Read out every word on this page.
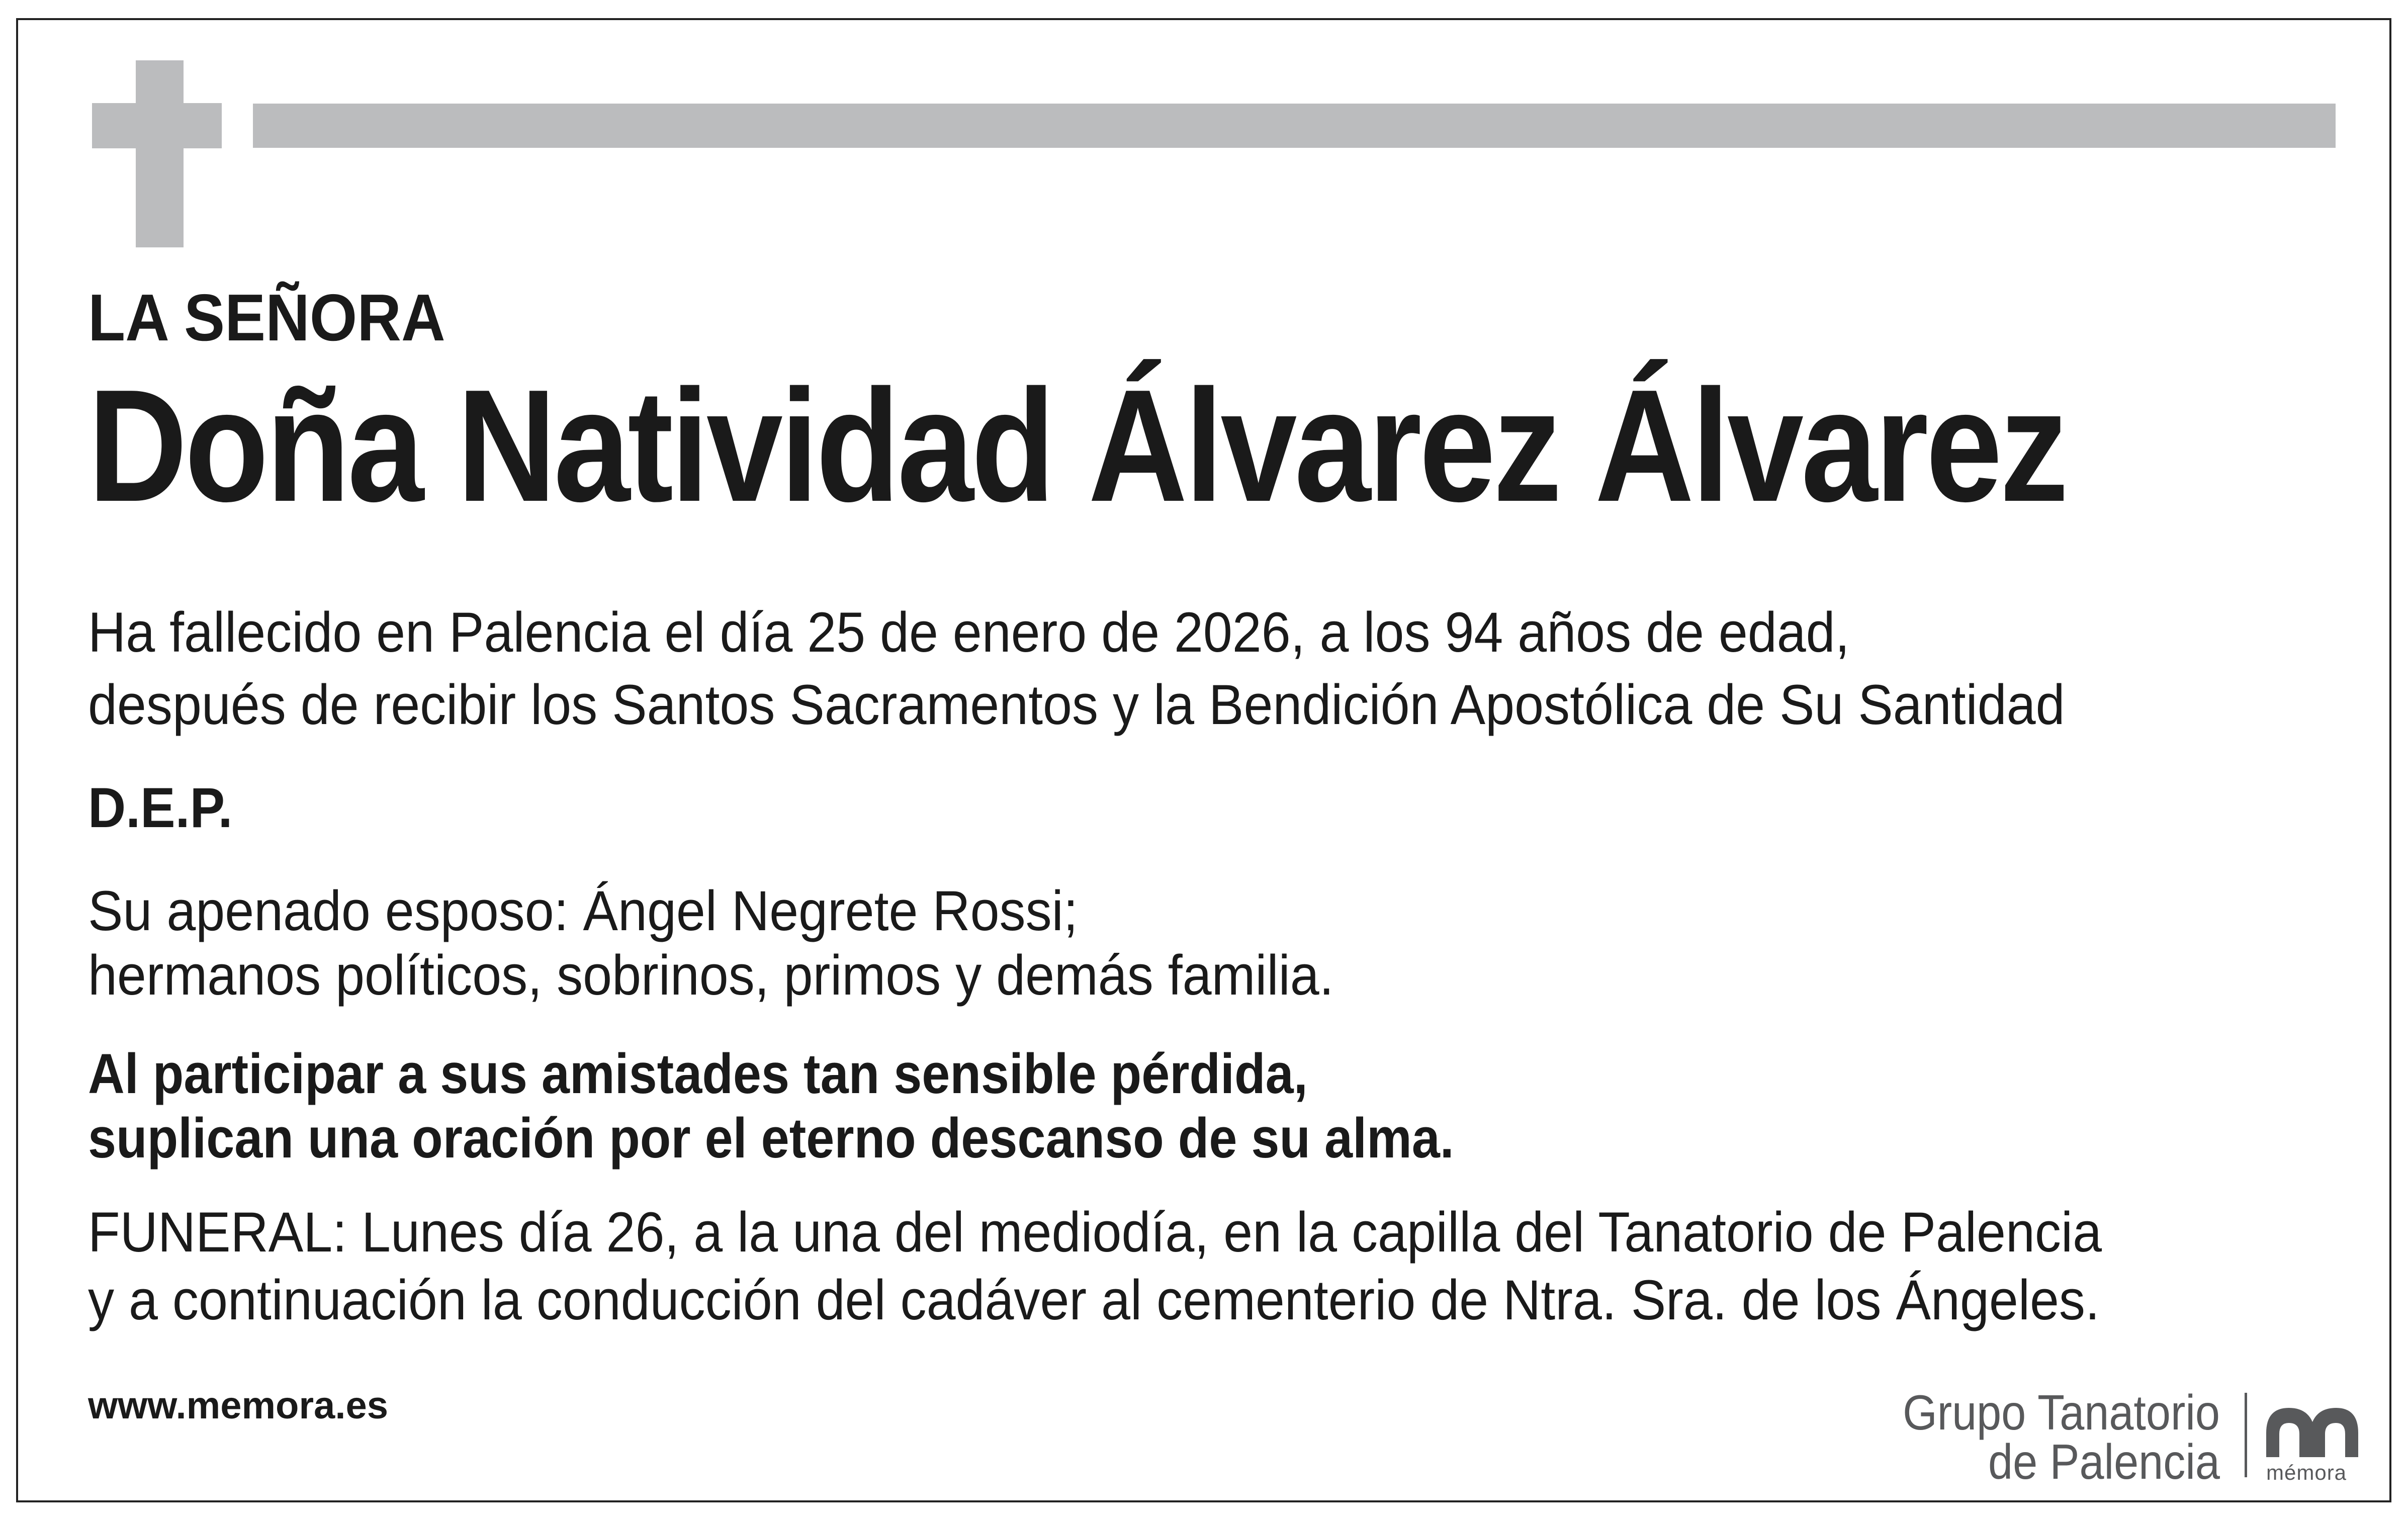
LA SEÑORA
Doña Natividad Álvarez Álvarez
Ha fallecido en Palencia el día 25 de enero de 2026, a los 94 años de edad,
después de recibir los Santos Sacramentos y la Bendición Apostólica de Su Santidad
D.E.P.
Su apenado esposo: Ángel Negrete Rossi;
hermanos políticos, sobrinos, primos y demás familia.
Al participar a sus amistades tan sensible pérdida,
suplican una oración por el eterno descanso de su alma.
FUNERAL: Lunes día 26, a la una del mediodía, en la capilla del Tanatorio de Palencia
y a continuación la conducción del cadáver al cementerio de Ntra. Sra. de los Ángeles.
www.memora.es	Grupo Tanatorio
de Palencia mémora
